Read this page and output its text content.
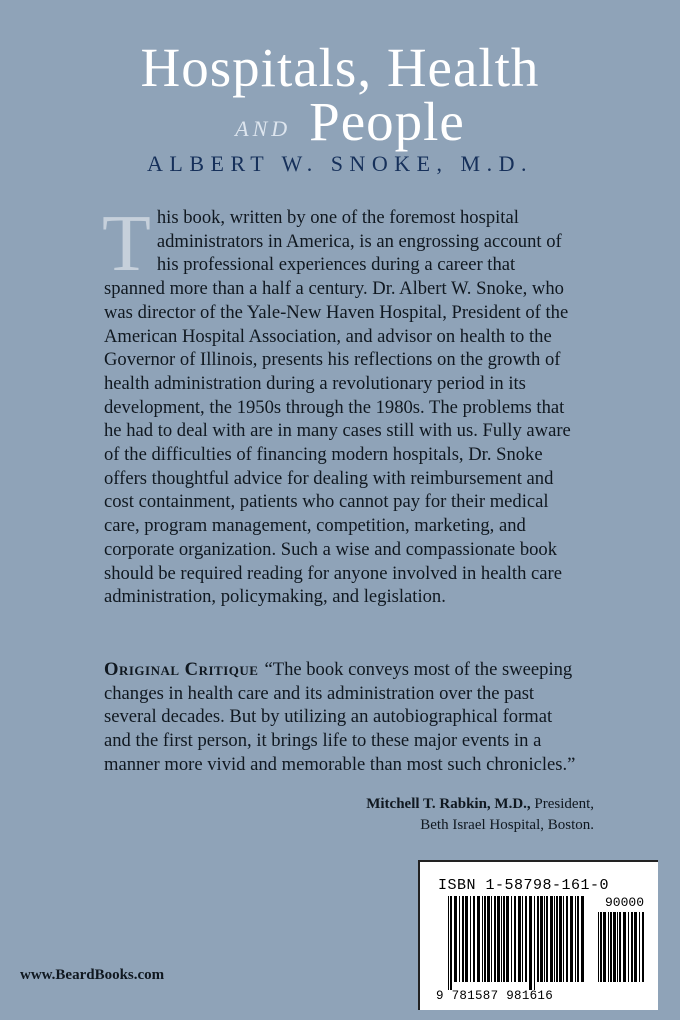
Hospitals, Health
AND People
ALBERT W. SNOKE, M.D.

This book, written by one of the foremost hospital administrators in America, is an engrossing account of his professional experiences during a career that spanned more than a half a century. Dr. Albert W. Snoke, who was director of the Yale-New Haven Hospital, President of the American Hospital Association, and advisor on health to the Governor of Illinois, presents his reflections on the growth of health administration during a revolutionary period in its development, the 1950s through the 1980s. The problems that he had to deal with are in many cases still with us. Fully aware of the difficulties of financing modern hospitals, Dr. Snoke offers thoughtful advice for dealing with reimbursement and cost containment, patients who cannot pay for their medical care, program management, competition, marketing, and corporate organization. Such a wise and compassionate book should be required reading for anyone involved in health care administration, policymaking, and legislation.

Original Critique “The book conveys most of the sweeping changes in health care and its administration over the past several decades. But by utilizing an autobiographical format and the first person, it brings life to these major events in a manner more vivid and memorable than most such chronicles.”

Mitchell T. Rabkin, M.D., President,
Beth Israel Hospital, Boston.
www.BeardBooks.com
ISBN 1-58798-161-0
90000
9 781587 981616
